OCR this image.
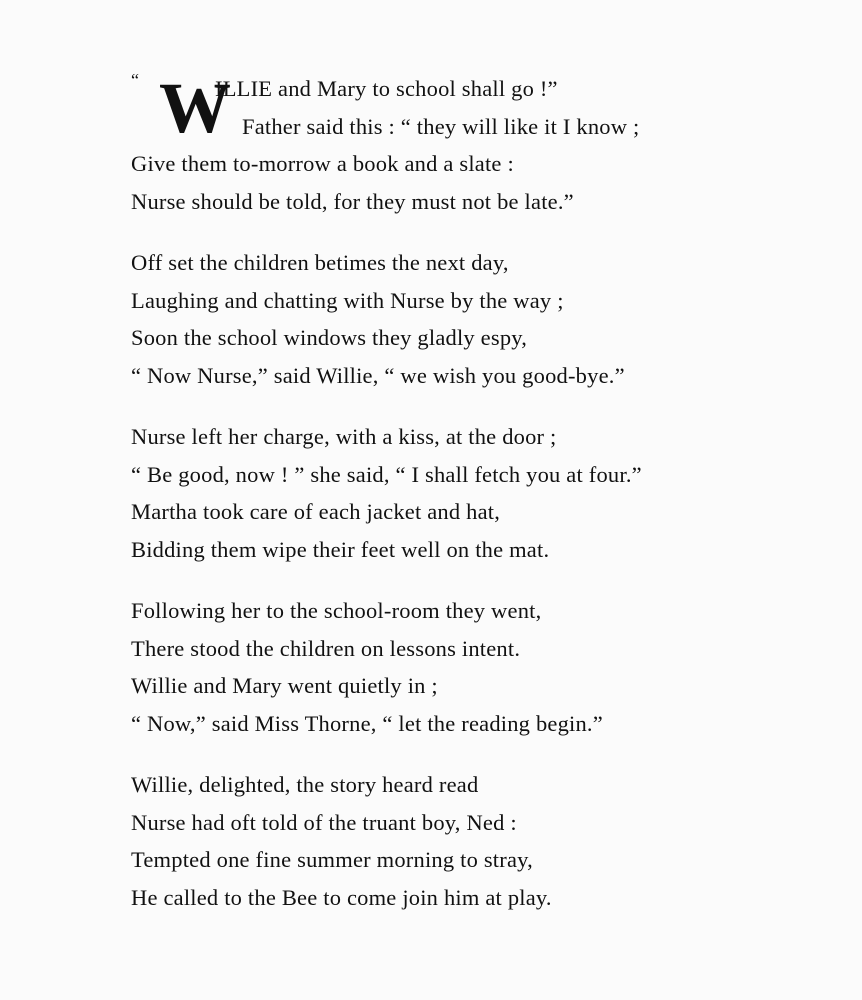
“ W
ILLIE and Mary to school shall go !”
Father said this : “ they will like it I know ;
Give them to-morrow a book and a slate :
Nurse should be told, for they must not be late.”
Off set the children betimes the next day,
Laughing and chatting with Nurse by the way ;
Soon the school windows they gladly espy,
“ Now Nurse,” said Willie, “ we wish you good-bye.”
Nurse left her charge, with a kiss, at the door ;
“ Be good, now ! ” she said, “ I shall fetch you at four.”
Martha took care of each jacket and hat,
Bidding them wipe their feet well on the mat.
Following her to the school-room they went,
There stood the children on lessons intent.
Willie and Mary went quietly in ;
“ Now,” said Miss Thorne, “ let the reading begin.”
Willie, delighted, the story heard read
Nurse had oft told of the truant boy, Ned :
Tempted one fine summer morning to stray,
He called to the Bee to come join him at play.
